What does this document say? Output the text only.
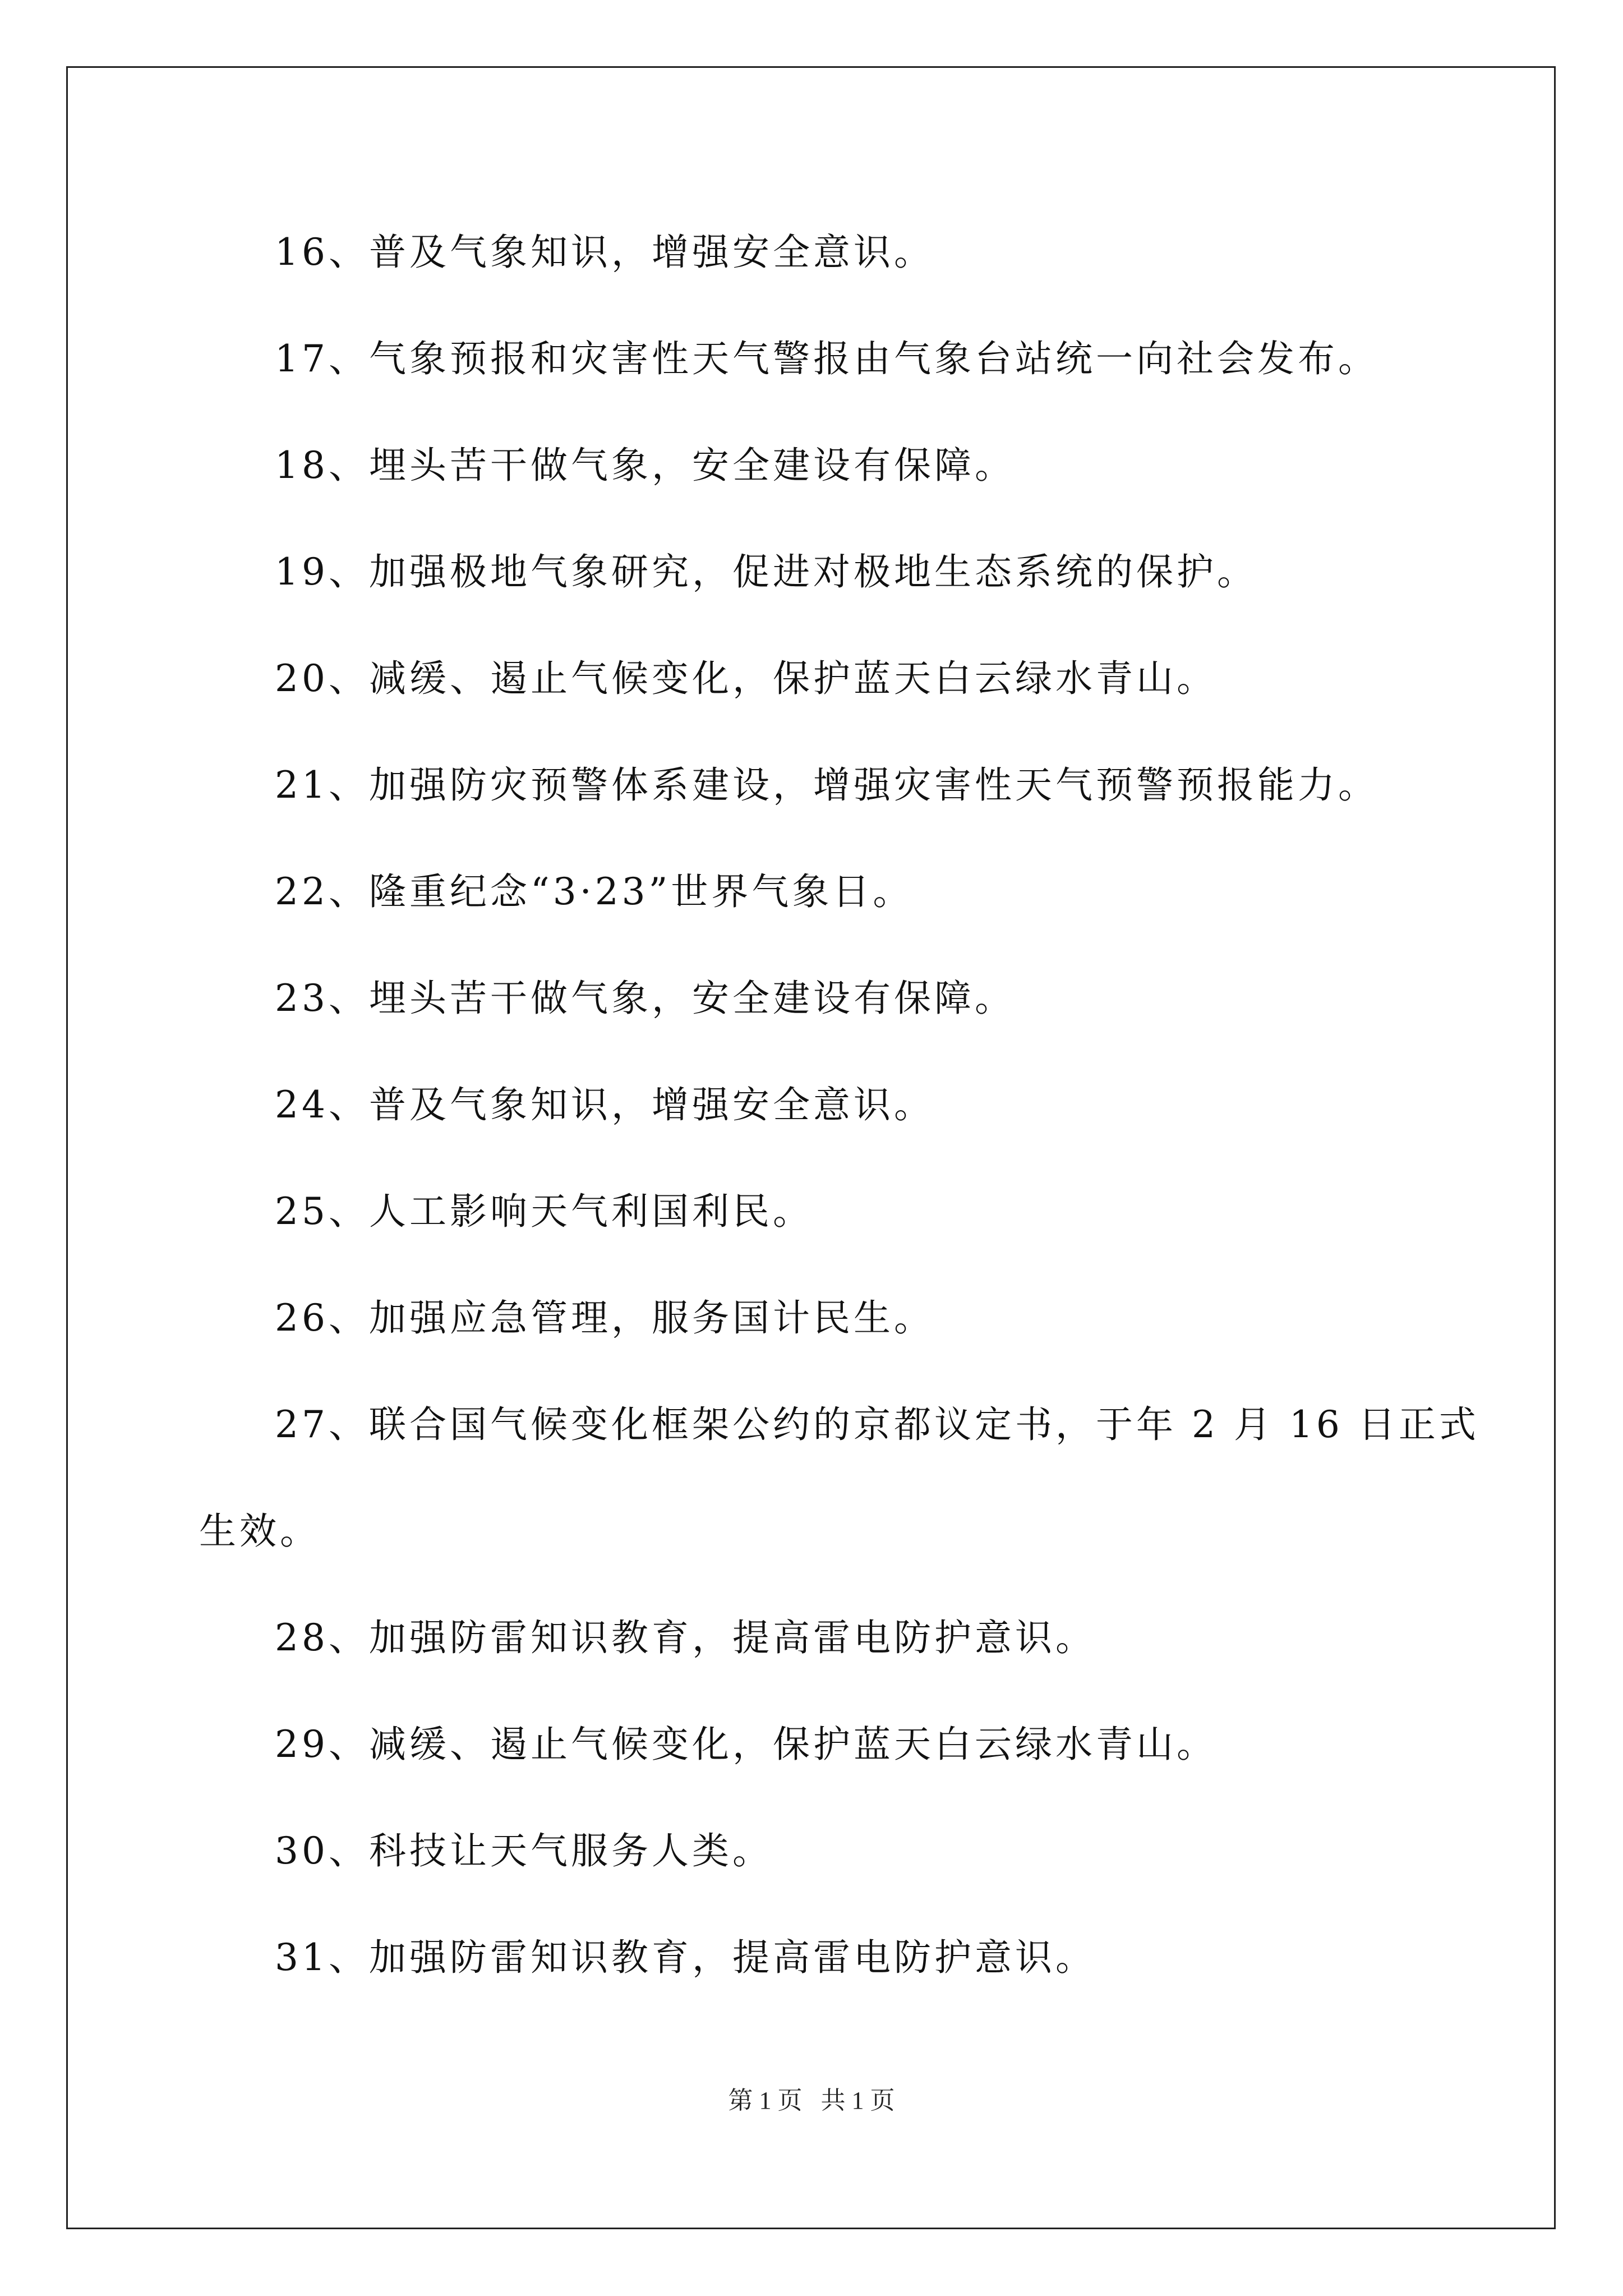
16、普及气象知识，增强安全意识。
17、气象预报和灾害性天气警报由气象台站统一向社会发布。
18、埋头苦干做气象，安全建设有保障。
19、加强极地气象研究，促进对极地生态系统的保护。
20、减缓、遏止气候变化，保护蓝天白云绿水青山。
21、加强防灾预警体系建设，增强灾害性天气预警预报能力。
22、隆重纪念“3·23”世界气象日。
23、埋头苦干做气象，安全建设有保障。
24、普及气象知识，增强安全意识。
25、人工影响天气利国利民。
26、加强应急管理，服务国计民生。
27、联合国气候变化框架公约的京都议定书，于年 2 月 16 日正式
生效。
28、加强防雷知识教育，提高雷电防护意识。
29、减缓、遏止气候变化，保护蓝天白云绿水青山。
30、科技让天气服务人类。
31、加强防雷知识教育，提高雷电防护意识。
第 1 页   共 1 页
